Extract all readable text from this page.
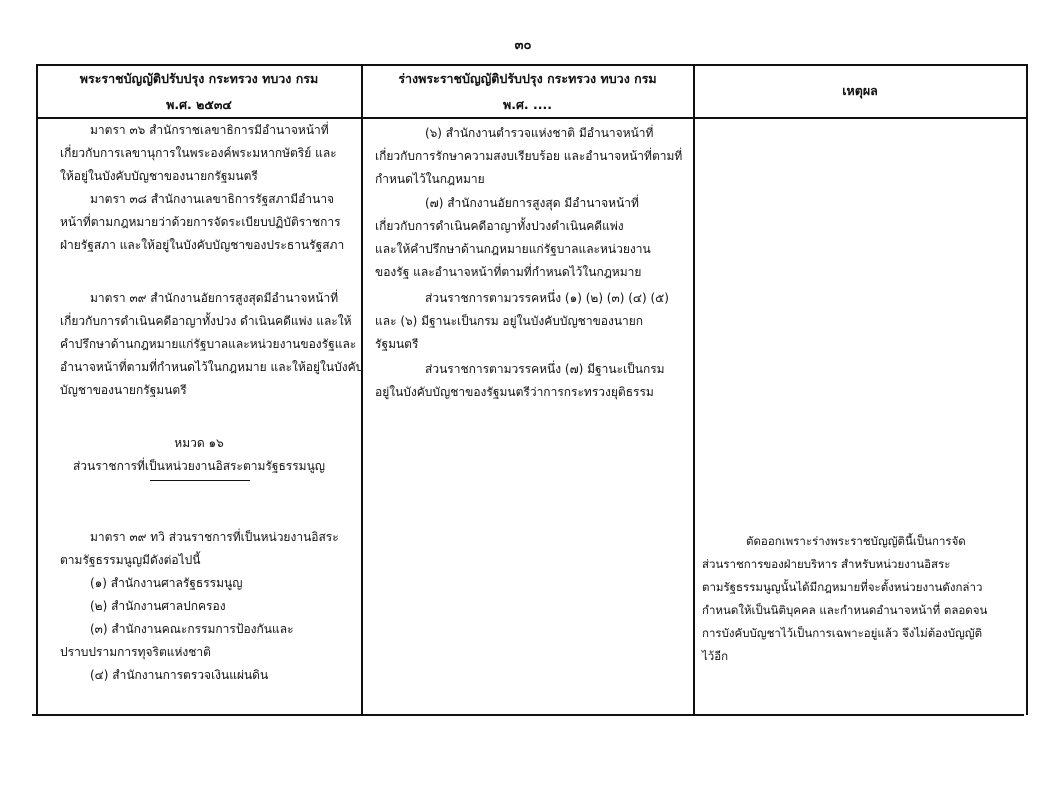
๓๐
พระราชบัญญัติปรับปรุง กระทรวง ทบวง กรม
พ.ศ. ๒๕๓๔
ร่างพระราชบัญญัติปรับปรุง กระทรวง ทบวง กรม
พ.ศ. ....
เหตุผล
มาตรา ๓๖ สำนักราชเลขาธิการมีอำนาจหน้าที่
เกี่ยวกับการเลขานุการในพระองค์พระมหากษัตริย์ และ
ให้อยู่ในบังคับบัญชาของนายกรัฐมนตรี
มาตรา ๓๘ สำนักงานเลขาธิการรัฐสภามีอำนาจ
หน้าที่ตามกฎหมายว่าด้วยการจัดระเบียบปฏิบัติราชการ
ฝ่ายรัฐสภา และให้อยู่ในบังคับบัญชาของประธานรัฐสภา
มาตรา ๓๙ สำนักงานอัยการสูงสุดมีอำนาจหน้าที่
เกี่ยวกับการดำเนินคดีอาญาทั้งปวง ดำเนินคดีแพ่ง และให้
คำปรึกษาด้านกฎหมายแก่รัฐบาลและหน่วยงานของรัฐและ
อำนาจหน้าที่ตามที่กำหนดไว้ในกฎหมาย และให้อยู่ในบังคับ
บัญชาของนายกรัฐมนตรี
หมวด ๑๖
ส่วนราชการที่เป็นหน่วยงานอิสระตามรัฐธรรมนูญ
มาตรา ๓๙ ทวิ ส่วนราชการที่เป็นหน่วยงานอิสระ
ตามรัฐธรรมนูญมีดังต่อไปนี้
(๑) สำนักงานศาลรัฐธรรมนูญ
(๒) สำนักงานศาลปกครอง
(๓) สำนักงานคณะกรรมการป้องกันและ
ปราบปรามการทุจริตแห่งชาติ
(๔) สำนักงานการตรวจเงินแผ่นดิน
(๖) สำนักงานตำรวจแห่งชาติ มีอำนาจหน้าที่
เกี่ยวกับการรักษาความสงบเรียบร้อย และอำนาจหน้าที่ตามที่
กำหนดไว้ในกฎหมาย
(๗) สำนักงานอัยการสูงสุด มีอำนาจหน้าที่
เกี่ยวกับการดำเนินคดีอาญาทั้งปวงดำเนินคดีแพ่ง
และให้คำปรึกษาด้านกฎหมายแก่รัฐบาลและหน่วยงาน
ของรัฐ และอำนาจหน้าที่ตามที่กำหนดไว้ในกฎหมาย
ส่วนราชการตามวรรคหนึ่ง (๑) (๒) (๓) (๔) (๕)
และ (๖) มีฐานะเป็นกรม อยู่ในบังคับบัญชาของนายก
รัฐมนตรี
ส่วนราชการตามวรรคหนึ่ง (๗) มีฐานะเป็นกรม
อยู่ในบังคับบัญชาของรัฐมนตรีว่าการกระทรวงยุติธรรม
ตัดออกเพราะร่างพระราชบัญญัตินี้เป็นการจัด
ส่วนราชการของฝ่ายบริหาร สำหรับหน่วยงานอิสระ
ตามรัฐธรรมนูญนั้นได้มีกฎหมายที่จะตั้งหน่วยงานดังกล่าว
กำหนดให้เป็นนิติบุคคล และกำหนดอำนาจหน้าที่ ตลอดจน
การบังคับบัญชาไว้เป็นการเฉพาะอยู่แล้ว จึงไม่ต้องบัญญัติ
ไว้อีก
